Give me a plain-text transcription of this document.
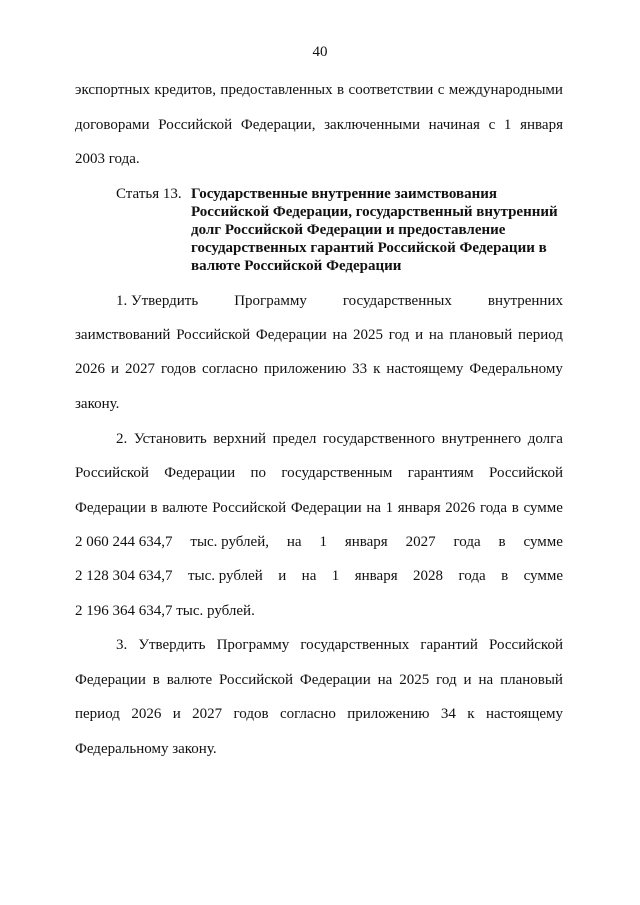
40
экспортных кредитов, предоставленных в соответствии с международными
договорами Российской Федерации, заключенными начиная с 1 января
2003 года.
Статья 13. Государственные внутренние заимствования
Российской Федерации, государственный внутренний
долг Российской Федерации и предоставление
государственных гарантий Российской Федерации в
валюте Российской Федерации
1. Утвердить Программу государственных внутренних
заимствований Российской Федерации на 2025 год и на плановый период
2026 и 2027 годов согласно приложению 33 к настоящему Федеральному
закону.
2. Установить верхний предел государственного внутреннего долга
Российской Федерации по государственным гарантиям Российской
Федерации в валюте Российской Федерации на 1 января 2026 года в сумме
2 060 244 634,7 тыс. рублей, на 1 января 2027 года в сумме
2 128 304 634,7 тыс. рублей и на 1 января 2028 года в сумме
2 196 364 634,7 тыс. рублей.
3. Утвердить Программу государственных гарантий Российской
Федерации в валюте Российской Федерации на 2025 год и на плановый
период 2026 и 2027 годов согласно приложению 34 к настоящему
Федеральному закону.
